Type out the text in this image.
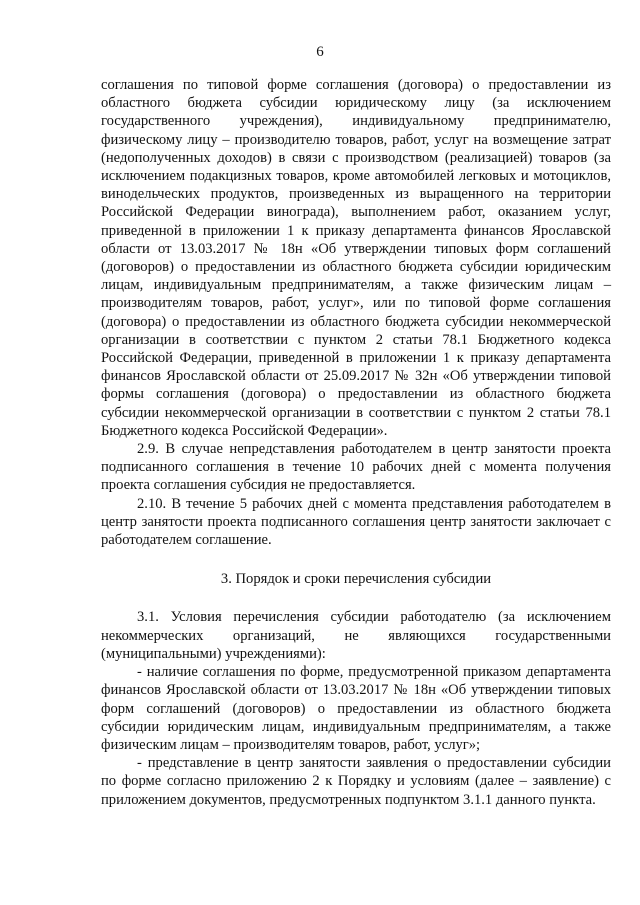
6

соглашения по типовой форме соглашения (договора) о предоставлении из областного бюджета субсидии юридическому лицу (за исключением государственного учреждения), индивидуальному предпринимателю, физическому лицу – производителю товаров, работ, услуг на возмещение затрат (недополученных доходов) в связи с производством (реализацией) товаров (за исключением подакцизных товаров, кроме автомобилей легковых и мотоциклов, винодельческих продуктов, произведенных из выращенного на территории Российской Федерации винограда), выполнением работ, оказанием услуг, приведенной в приложении 1 к приказу департамента финансов Ярославской области от 13.03.2017 № 18н «Об утверждении типовых форм соглашений (договоров) о предоставлении из областного бюджета субсидии юридическим лицам, индивидуальным предпринимателям, а также физическим лицам – производителям товаров, работ, услуг», или по типовой форме соглашения (договора) о предоставлении из областного бюджета субсидии некоммерческой организации в соответствии с пунктом 2 статьи 78.1 Бюджетного кодекса Российской Федерации, приведенной в приложении 1 к приказу департамента финансов Ярославской области от 25.09.2017 № 32н «Об утверждении типовой формы соглашения (договора) о предоставлении из областного бюджета субсидии некоммерческой организации в соответствии с пунктом 2 статьи 78.1 Бюджетного кодекса Российской Федерации».

2.9. В случае непредставления работодателем в центр занятости проекта подписанного соглашения в течение 10 рабочих дней с момента получения проекта соглашения субсидия не предоставляется.

2.10. В течение 5 рабочих дней с момента представления работодателем в центр занятости проекта подписанного соглашения центр занятости заключает с работодателем соглашение.

3. Порядок и сроки перечисления субсидии

3.1. Условия перечисления субсидии работодателю (за исключением некоммерческих организаций, не являющихся государственными (муниципальными) учреждениями):

- наличие соглашения по форме, предусмотренной приказом департамента финансов Ярославской области от 13.03.2017 № 18н «Об утверждении типовых форм соглашений (договоров) о предоставлении из областного бюджета субсидии юридическим лицам, индивидуальным предпринимателям, а также физическим лицам – производителям товаров, работ, услуг»;

- представление в центр занятости заявления о предоставлении субсидии по форме согласно приложению 2 к Порядку и условиям (далее – заявление) с приложением документов, предусмотренных подпунктом 3.1.1 данного пункта.
